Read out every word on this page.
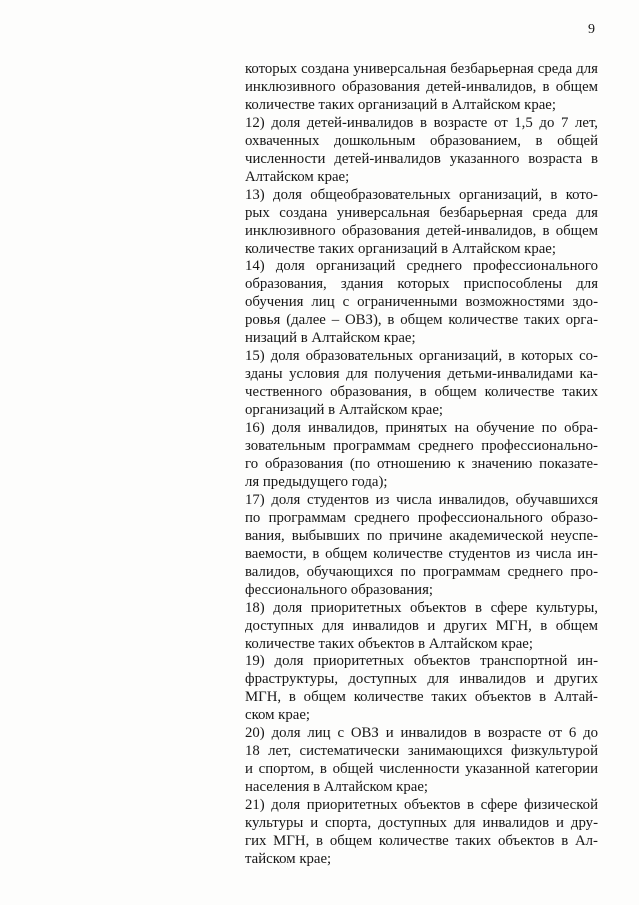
9
которых создана универсальная безбарьерная среда для
инклюзивного образования детей-инвалидов, в общем
количестве таких организаций в Алтайском крае;
12) доля детей-инвалидов в возрасте от 1,5 до 7 лет,
охваченных дошкольным образованием, в общей
численности детей-инвалидов указанного возраста в
Алтайском крае;
13) доля общеобразовательных организаций, в кото-
рых создана универсальная безбарьерная среда для
инклюзивного образования детей-инвалидов, в общем
количестве таких организаций в Алтайском крае;
14) доля организаций среднего профессионального
образования, здания которых приспособлены для
обучения лиц с ограниченными возможностями здо-
ровья (далее – ОВЗ), в общем количестве таких орга-
низаций в Алтайском крае;
15) доля образовательных организаций, в которых со-
зданы условия для получения детьми-инвалидами ка-
чественного образования, в общем количестве таких
организаций в Алтайском крае;
16) доля инвалидов, принятых на обучение по обра-
зовательным программам среднего профессионально-
го образования (по отношению к значению показате-
ля предыдущего года);
17) доля студентов из числа инвалидов, обучавшихся
по программам среднего профессионального образо-
вания, выбывших по причине академической неуспе-
ваемости, в общем количестве студентов из числа ин-
валидов, обучающихся по программам среднего про-
фессионального образования;
18) доля приоритетных объектов в сфере культуры,
доступных для инвалидов и других МГН, в общем
количестве таких объектов в Алтайском крае;
19) доля приоритетных объектов транспортной ин-
фраструктуры, доступных для инвалидов и других
МГН, в общем количестве таких объектов в Алтай-
ском крае;
20) доля лиц с ОВЗ и инвалидов в возрасте от 6 до
18 лет, систематически занимающихся физкультурой
и спортом, в общей численности указанной категории
населения в Алтайском крае;
21) доля приоритетных объектов в сфере физической
культуры и спорта, доступных для инвалидов и дру-
гих МГН, в общем количестве таких объектов в Ал-
тайском крае;
